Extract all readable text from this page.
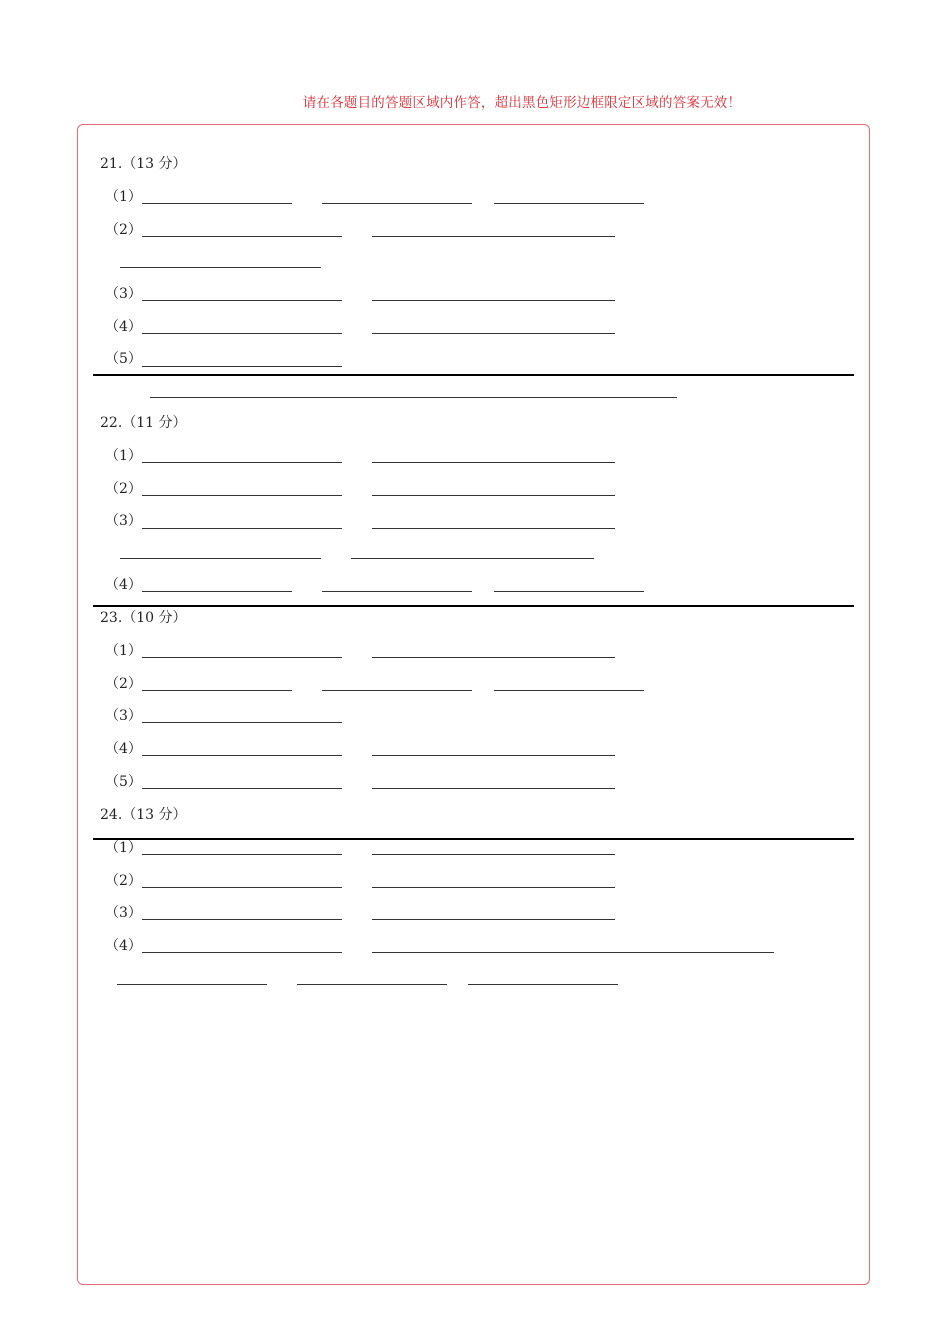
请在各题目的答题区域内作答，超出黑色矩形边框限定区域的答案无效！
21.（13 分）
（1）
（2）
（3）
（4）
（5）
22.（11 分）
（1）
（2）
（3）
（4）
23.（10 分）
（1）
（2）
（3）
（4）
（5）
24.（13 分）
（1）
（2）
（3）
（4）
